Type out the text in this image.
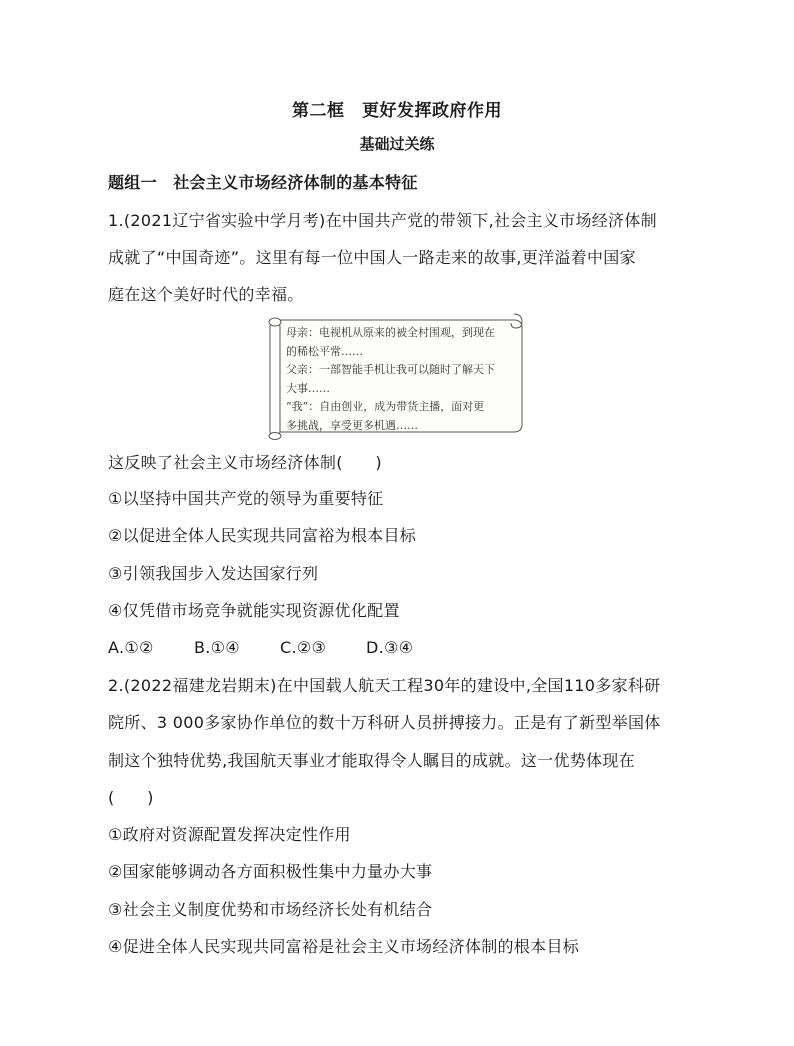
第二框　更好发挥政府作用
基础过关练
题组一　社会主义市场经济体制的基本特征
1.(2021辽宁省实验中学月考)在中国共产党的带领下,社会主义市场经济体制
成就了“中国奇迹”。这里有每一位中国人一路走来的故事,更洋溢着中国家
庭在这个美好时代的幸福。
母亲：电视机从原来的被全村围观，到现在
的稀松平常……
父亲：一部智能手机让我可以随时了解天下
大事……
“我”：自由创业，成为带货主播，面对更
多挑战，享受更多机遇……
这反映了社会主义市场经济体制(　　)
①以坚持中国共产党的领导为重要特征
②以促进全体人民实现共同富裕为根本目标
③引领我国步入发达国家行列
④仅凭借市场竞争就能实现资源优化配置
A.①②	B.①④	C.②③ D.③④
2.(2022福建龙岩期末)在中国载人航天工程30年的建设中,全国110多家科研
院所、3 000多家协作单位的数十万科研人员拼搏接力。正是有了新型举国体
制这个独特优势,我国航天事业才能取得令人瞩目的成就。这一优势体现在
(　　)
①政府对资源配置发挥决定性作用
②国家能够调动各方面积极性集中力量办大事
③社会主义制度优势和市场经济长处有机结合
④促进全体人民实现共同富裕是社会主义市场经济体制的根本目标
